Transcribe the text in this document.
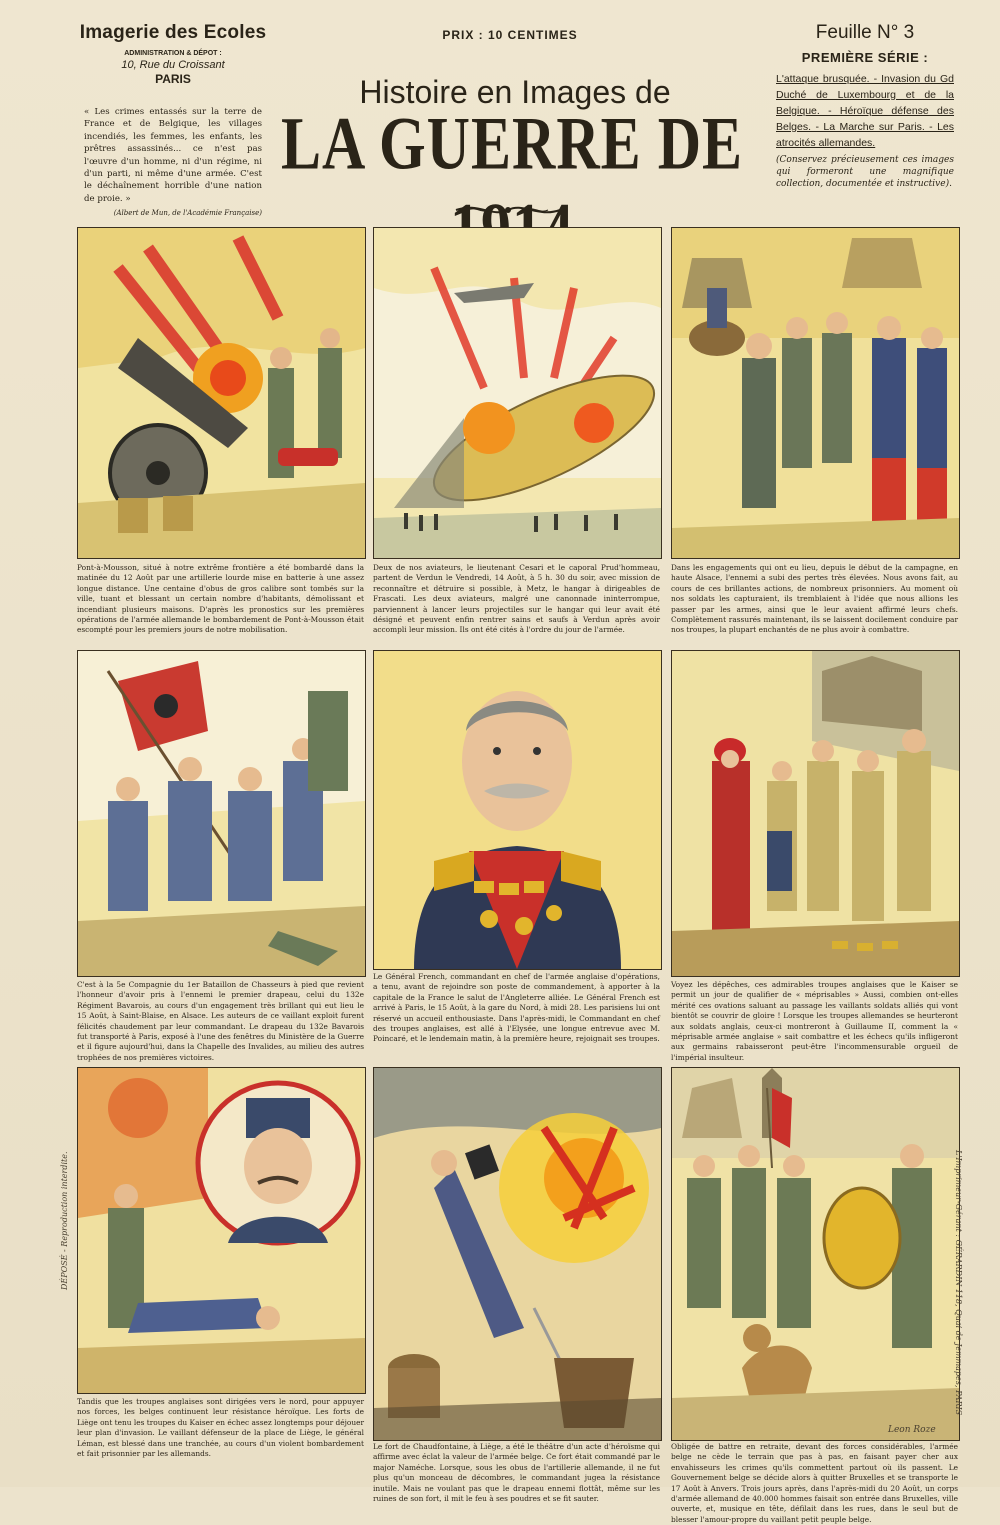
Imagerie des Ecoles
ADMINISTRATION & DÉPOT :
10, Rue du Croissant
PARIS
« Les crimes entassés sur la terre de France et de Belgique, les villages incendiés, les femmes, les enfants, les prêtres assassinés... ce n'est pas l'œuvre d'un homme, ni d'un régime, ni d'un parti, ni même d'une armée. C'est le déchaînement horrible d'une nation de proie. »
(Albert de Mun, de l'Académie Française)
PRIX : 10 CENTIMES
Histoire en Images de
LA GUERRE DE
Feuille N° 3
PREMIÈRE SÉRIE :
L'attaque brusquée. - Invasion du Gd Duché de Luxembourg et de la Belgique. - Héroïque défense des Belges. - La Marche sur Paris. - Les atrocités allemandes.
(Conservez précieusement ces images qui formeront une magnifique collection, documentée et instructive).
Pont-à-Mousson, situé à notre extrême frontière a été bombardé dans la matinée du 12 Août par une artillerie lourde mise en batterie à une assez longue distance. Une centaine d'obus de gros calibre sont tombés sur la ville, tuant et blessant un certain nombre d'habitants, démolissant et incendiant plusieurs maisons. D'après les pronostics sur les premières opérations de l'armée allemande le bombardement de Pont-à-Mousson était escompté pour les premiers jours de notre mobilisation.
Deux de nos aviateurs, le lieutenant Cesari et le caporal Prud'hommeau, partent de Verdun le Vendredi, 14 Août, à 5 h. 30 du soir, avec mission de reconnaître et détruire si possible, à Metz, le hangar à dirigeables de Frascati. Les deux aviateurs, malgré une canonnade ininterrompue, parviennent à lancer leurs projectiles sur le hangar qui leur avait été désigné et peuvent enfin rentrer sains et saufs à Verdun après avoir accompli leur mission. Ils ont été cités à l'ordre du jour de l'armée.
Dans les engagements qui ont eu lieu, depuis le début de la campagne, en haute Alsace, l'ennemi a subi des pertes très élevées. Nous avons fait, au cours de ces brillantes actions, de nombreux prisonniers. Au moment où nos soldats les capturaient, ils tremblaient à l'idée que nous allions les passer par les armes, ainsi que le leur avaient affirmé leurs chefs. Complètement rassurés maintenant, ils se laissent docilement conduire par nos troupes, la plupart enchantés de ne plus avoir à combattre.
C'est à la 5e Compagnie du 1er Bataillon de Chasseurs à pied que revient l'honneur d'avoir pris à l'ennemi le premier drapeau, celui du 132e Régiment Bavarois, au cours d'un engagement très brillant qui eut lieu le 15 Août, à Saint-Blaise, en Alsace. Les auteurs de ce vaillant exploit furent félicités chaudement par leur commandant. Le drapeau du 132e Bavarois fut transporté à Paris, exposé à l'une des fenêtres du Ministère de la Guerre et il figure aujourd'hui, dans la Chapelle des Invalides, au milieu des autres trophées de nos premières victoires.
Le Général French, commandant en chef de l'armée anglaise d'opérations, a tenu, avant de rejoindre son poste de commandement, à apporter à la capitale de la France le salut de l'Angleterre alliée. Le Général French est arrivé à Paris, le 15 Août, à la gare du Nord, à midi 28. Les parisiens lui ont réservé un accueil enthousiaste. Dans l'après-midi, le Commandant en chef des troupes anglaises, est allé à l'Elysée, une longue entrevue avec M. Poincaré, et le lendemain matin, à la première heure, rejoignait ses troupes.
Voyez les dépêches, ces admirables troupes anglaises que le Kaiser se permit un jour de qualifier de « méprisables » Aussi, combien ont-elles mérité ces ovations saluant au passage les vaillants soldats alliés qui vont bientôt se couvrir de gloire ! Lorsque les troupes allemandes se heurteront aux soldats anglais, ceux-ci montreront à Guillaume II, comment la « méprisable armée anglaise » sait combattre et les échecs qu'ils infligeront aux germains rabaisseront peut-être l'incommensurable orgueil de l'impérial insulteur.
Tandis que les troupes anglaises sont dirigées vers le nord, pour appuyer nos forces, les belges continuent leur résistance héroïque. Les forts de Liège ont tenu les troupes du Kaiser en échec assez longtemps pour déjouer leur plan d'invasion. Le vaillant défenseur de la place de Liège, le général Léman, est blessé dans une tranchée, au cours d'un violent bombardement et fait prisonnier par les allemands.
Le fort de Chaudfontaine, à Liège, a été le théâtre d'un acte d'héroïsme qui affirme avec éclat la valeur de l'armée belge. Ce fort était commandé par le major Naméche. Lorsque, sous les obus de l'artillerie allemande, il ne fut plus qu'un monceau de décombres, le commandant jugea la résistance inutile. Mais ne voulant pas que le drapeau ennemi flottât, même sur les ruines de son fort, il mit le feu à ses poudres et se fit sauter.
Obligée de battre en retraite, devant des forces considérables, l'armée belge ne cède le terrain que pas à pas, en faisant payer cher aux envahisseurs les crimes qu'ils commettent partout où ils passent. Le Gouvernement belge se décide alors à quitter Bruxelles et se transporte le 17 Août à Anvers. Trois jours après, dans l'après-midi du 20 Août, un corps d'armée allemand de 40.000 hommes faisait son entrée dans Bruxelles, ville ouverte, et, musique en tête, défilait dans les rues, dans le seul but de blesser l'amour-propre du vaillant petit peuple belge.
DÉPOSÉ - Reproduction interdite.	L'Imprimeur-Gérant : GÉRARDIN 118, Quai de Jemmapes, PARIS
Leon Roze
